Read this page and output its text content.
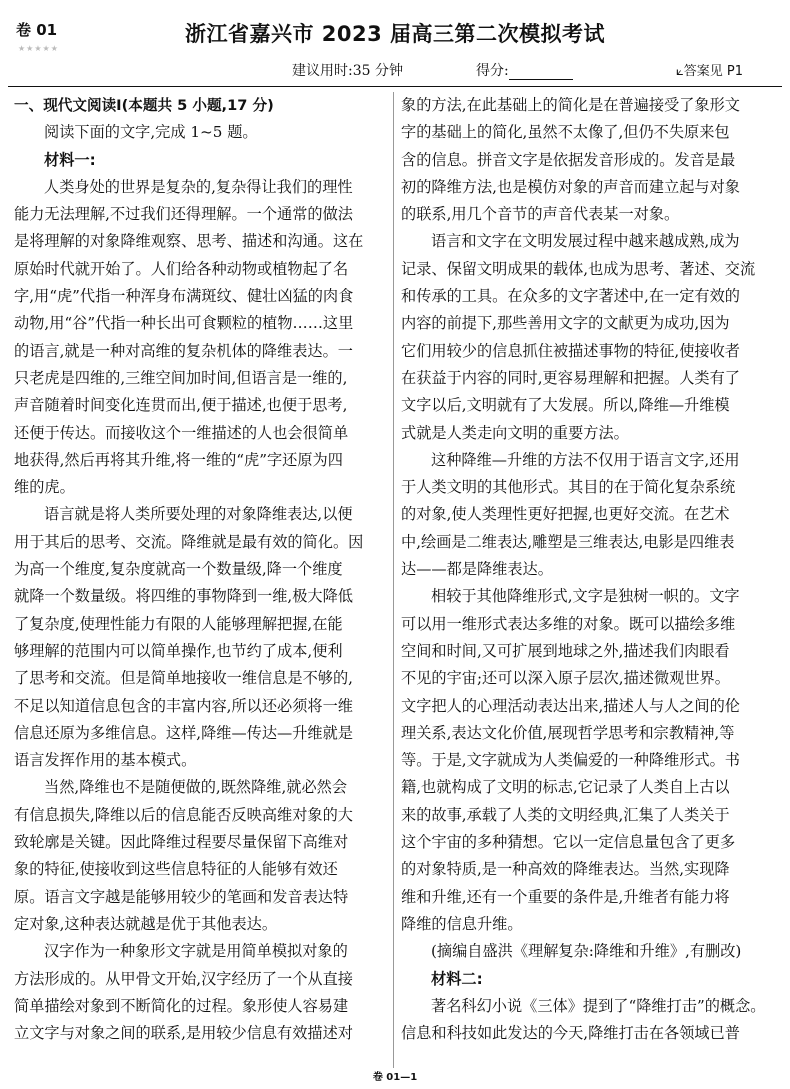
卷 01
★★★★★
浙江省嘉兴市 2023 届高三第二次模拟考试
建议用时:35 分钟	得分:	⟀答案见 P1
一、现代文阅读Ⅰ(本题共 5 小题,17 分)
阅读下面的文字,完成 1~5 题。
材料一:
人类身处的世界是复杂的,复杂得让我们的理性
能力无法理解,不过我们还得理解。一个通常的做法
是将理解的对象降维观察、思考、描述和沟通。这在
原始时代就开始了。人们给各种动物或植物起了名
字,用“虎”代指一种浑身布满斑纹、健壮凶猛的肉食
动物,用“谷”代指一种长出可食颗粒的植物……这里
的语言,就是一种对高维的复杂机体的降维表达。一
只老虎是四维的,三维空间加时间,但语言是一维的,
声音随着时间变化连贯而出,便于描述,也便于思考,
还便于传达。而接收这个一维描述的人也会很简单
地获得,然后再将其升维,将一维的“虎”字还原为四
维的虎。
语言就是将人类所要处理的对象降维表达,以便
用于其后的思考、交流。降维就是最有效的简化。因
为高一个维度,复杂度就高一个数量级,降一个维度
就降一个数量级。将四维的事物降到一维,极大降低
了复杂度,使理性能力有限的人能够理解把握,在能
够理解的范围内可以简单操作,也节约了成本,便利
了思考和交流。但是简单地接收一维信息是不够的,
不足以知道信息包含的丰富内容,所以还必须将一维
信息还原为多维信息。这样,降维—传达—升维就是
语言发挥作用的基本模式。
当然,降维也不是随便做的,既然降维,就必然会
有信息损失,降维以后的信息能否反映高维对象的大
致轮廓是关键。因此降维过程要尽量保留下高维对
象的特征,使接收到这些信息特征的人能够有效还
原。语言文字越是能够用较少的笔画和发音表达特
定对象,这种表达就越是优于其他表达。
汉字作为一种象形文字就是用简单模拟对象的
方法形成的。从甲骨文开始,汉字经历了一个从直接
简单描绘对象到不断简化的过程。象形使人容易建
立文字与对象之间的联系,是用较少信息有效描述对
象的方法,在此基础上的简化是在普遍接受了象形文
字的基础上的简化,虽然不太像了,但仍不失原来包
含的信息。拼音文字是依据发音形成的。发音是最
初的降维方法,也是模仿对象的声音而建立起与对象
的联系,用几个音节的声音代表某一对象。
语言和文字在文明发展过程中越来越成熟,成为
记录、保留文明成果的载体,也成为思考、著述、交流
和传承的工具。在众多的文字著述中,在一定有效的
内容的前提下,那些善用文字的文献更为成功,因为
它们用较少的信息抓住被描述事物的特征,使接收者
在获益于内容的同时,更容易理解和把握。人类有了
文字以后,文明就有了大发展。所以,降维—升维模
式就是人类走向文明的重要方法。
这种降维—升维的方法不仅用于语言文字,还用
于人类文明的其他形式。其目的在于简化复杂系统
的对象,使人类理性更好把握,也更好交流。在艺术
中,绘画是二维表达,雕塑是三维表达,电影是四维表
达——都是降维表达。
相较于其他降维形式,文字是独树一帜的。文字
可以用一维形式表达多维的对象。既可以描绘多维
空间和时间,又可扩展到地球之外,描述我们肉眼看
不见的宇宙;还可以深入原子层次,描述微观世界。
文字把人的心理活动表达出来,描述人与人之间的伦
理关系,表达文化价值,展现哲学思考和宗教精神,等
等。于是,文字就成为人类偏爱的一种降维形式。书
籍,也就构成了文明的标志,它记录了人类自上古以
来的故事,承载了人类的文明经典,汇集了人类关于
这个宇宙的多种猜想。它以一定信息量包含了更多
的对象特质,是一种高效的降维表达。当然,实现降
维和升维,还有一个重要的条件是,升维者有能力将
降维的信息升维。
(摘编自盛洪《理解复杂:降维和升维》,有删改)
材料二:
著名科幻小说《三体》提到了“降维打击”的概念。
信息和科技如此发达的今天,降维打击在各领域已普
卷 01—1
